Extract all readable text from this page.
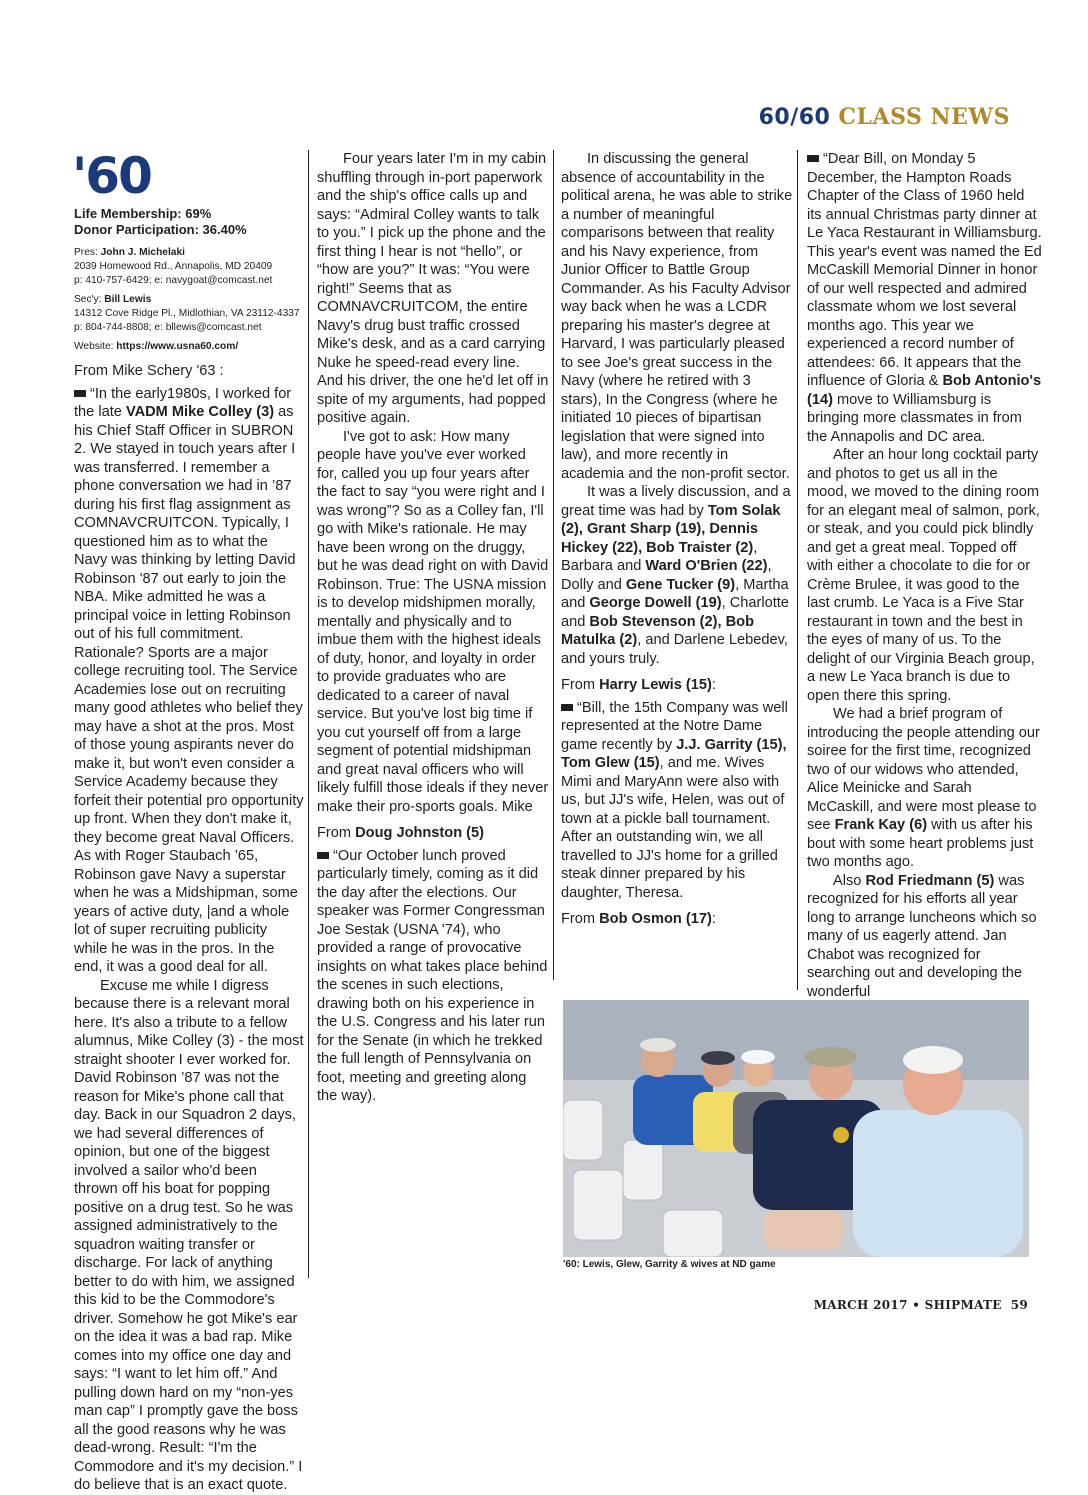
60/60 CLASS NEWS
'60
Life Membership: 69%
Donor Participation: 36.40%
Pres: John J. Michelaki
2039 Homewood Rd., Annapolis, MD 20409
p: 410-757-6429; e: navygoat@comcast.net
Sec'y: Bill Lewis
14312 Cove Ridge Pl., Midlothian, VA 23112-4337
p: 804-744-8808; e: bllewis@comcast.net
Website: https://www.usna60.com/

From Mike Schery '63 :

“In the early1980s, I worked for the late VADM Mike Colley (3) as his Chief Staff Officer in SUBRON 2. We stayed in touch years after I was transferred. I remember a phone conversation we had in ’87 during his first flag assignment as COMNAVCRUITCON. Typically, I questioned him as to what the Navy was thinking by letting David Robinson '87 out early to join the NBA. Mike admitted he was a principal voice in letting Robinson out of his full commitment. Rationale? Sports are a major college recruiting tool. The Service Academies lose out on recruiting many good athletes who belief they may have a shot at the pros. Most of those young aspirants never do make it, but won't even consider a Service Academy because they forfeit their potential pro opportunity up front. When they don't make it, they become great Naval Officers. As with Roger Staubach ’65, Robinson gave Navy a superstar when he was a Midshipman, some years of active duty, |and a whole lot of super recruiting publicity while he was in the pros. In the end, it was a good deal for all.

Excuse me while I digress because there is a relevant moral here. It's also a tribute to a fellow alumnus, Mike Colley (3) - the most straight shooter I ever worked for. David Robinson ’87 was not the reason for Mike's phone call that day. Back in our Squadron 2 days, we had several differences of opinion, but one of the biggest involved a sailor who'd been thrown off his boat for popping positive on a drug test. So he was assigned administratively to the squadron waiting transfer or discharge. For lack of anything better to do with him, we assigned this kid to be the Commodore's driver. Somehow he got Mike's ear on the idea it was a bad rap. Mike comes into my office one day and says: “I want to let him off.” And pulling down hard on my “non-yes man cap” I promptly gave the boss all the good reasons why he was dead-wrong. Result: “I'm the Commodore and it's my decision.” I do believe that is an exact quote.

Four years later I'm in my cabin shuffling through in-port paperwork and the ship's office calls up and says: “Admiral Colley wants to talk to you.” I pick up the phone and the first thing I hear is not “hello”, or “how are you?” It was: “You were right!” Seems that as COMNAVCRUITCOM, the entire Navy's drug bust traffic crossed Mike's desk, and as a card carrying Nuke he speed-read every line. And his driver, the one he'd let off in spite of my arguments, had popped positive again.

I've got to ask: How many people have you've ever worked for, called you up four years after the fact to say “you were right and I was wrong”? So as a Colley fan, I'll go with Mike's rationale. He may have been wrong on the druggy, but he was dead right on with David Robinson. True: The USNA mission is to develop midshipmen morally, mentally and physically and to imbue them with the highest ideals of duty, honor, and loyalty in order to provide graduates who are dedicated to a career of naval service. But you've lost big time if you cut yourself off from a large segment of potential midshipman and great naval officers who will likely fulfill those ideals if they never make their pro-sports goals. Mike

From Doug Johnston (5)

“Our October lunch proved particularly timely, coming as it did the day after the elections. Our speaker was Former Congressman Joe Sestak (USNA '74), who provided a range of provocative insights on what takes place behind the scenes in such elections, drawing both on his experience in the U.S. Congress and his later run for the Senate (in which he trekked the full length of Pennsylvania on foot, meeting and greeting along the way).

In discussing the general absence of accountability in the political arena, he was able to strike a number of meaningful comparisons between that reality and his Navy experience, from Junior Officer to Battle Group Commander. As his Faculty Advisor way back when he was a LCDR preparing his master's degree at Harvard, I was particularly pleased to see Joe's great success in the Navy (where he retired with 3 stars), In the Congress (where he initiated 10 pieces of bipartisan legislation that were signed into law), and more recently in academia and the non-profit sector.

It was a lively discussion, and a great time was had by Tom Solak (2), Grant Sharp (19), Dennis Hickey (22), Bob Traister (2), Barbara and Ward O'Brien (22), Dolly and Gene Tucker (9), Martha and George Dowell (19), Charlotte and Bob Stevenson (2), Bob Matulka (2), and Darlene Lebedev, and yours truly.

From Harry Lewis (15):

“Bill, the 15th Company was well represented at the Notre Dame game recently by J.J. Garrity (15), Tom Glew (15), and me. Wives Mimi and MaryAnn were also with us, but JJ's wife, Helen, was out of town at a pickle ball tournament. After an outstanding win, we all travelled to JJ's home for a grilled steak dinner prepared by his daughter, Theresa.

From Bob Osmon (17):

“Dear Bill, on Monday 5 December, the Hampton Roads Chapter of the Class of 1960 held its annual Christmas party dinner at Le Yaca Restaurant in Williamsburg. This year's event was named the Ed McCaskill Memorial Dinner in honor of our well respected and admired classmate whom we lost several months ago. This year we experienced a record number of attendees: 66. It appears that the influence of Gloria & Bob Antonio's (14) move to Williamsburg is bringing more classmates in from the Annapolis and DC area.

After an hour long cocktail party and photos to get us all in the mood, we moved to the dining room for an elegant meal of salmon, pork, or steak, and you could pick blindly and get a great meal. Topped off with either a chocolate to die for or Crème Brulee, it was good to the last crumb. Le Yaca is a Five Star restaurant in town and the best in the eyes of many of us. To the delight of our Virginia Beach group, a new Le Yaca branch is due to open there this spring.

We had a brief program of introducing the people attending our soiree for the first time, recognized two of our widows who attended, Alice Meinicke and Sarah McCaskill, and were most please to see Frank Kay (6) with us after his bout with some heart problems just two months ago.

Also Rod Friedmann (5) was recognized for his efforts all year long to arrange luncheons which so many of us eagerly attend. Jan Chabot was recognized for searching out and developing the wonderful

'60: Lewis, Glew, Garrity & wives at ND game
MARCH 2017 • SHIPMATE 59
